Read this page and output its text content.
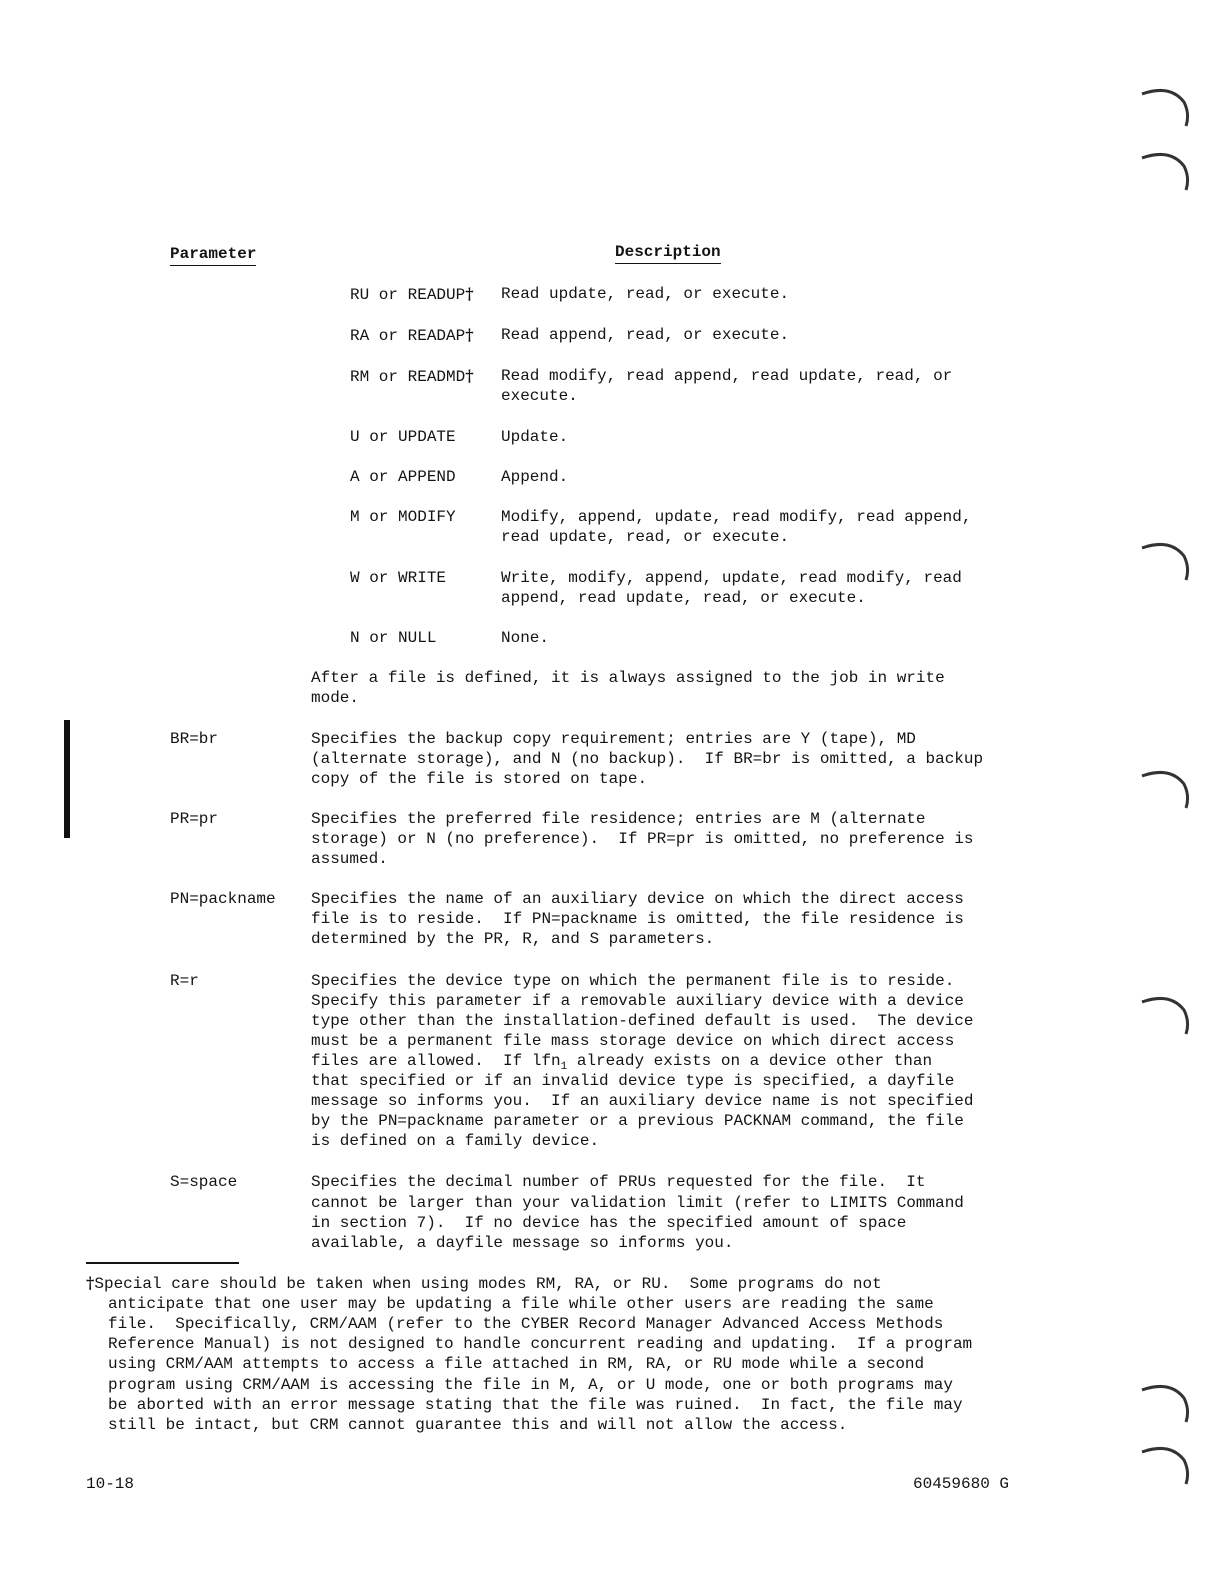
Parameter	Description
RU or READUP† Read update, read, or execute.
RA or READAP† Read append, read, or execute.
RM or READMD† Read modify, read append, read update, read, or
execute.
U or UPDATE	Update.
A or APPEND	Append.
M or MODIFY	Modify, append, update, read modify, read append,
read update, read, or execute.
W or WRITE	Write, modify, append, update, read modify, read
append, read update, read, or execute.
N or NULL	None.
After a file is defined, it is always assigned to the job in write
mode.
BR=br	Specifies the backup copy requirement; entries are Y (tape), MD
(alternate storage), and N (no backup).  If BR=br is omitted, a backup
copy of the file is stored on tape.
PR=pr	Specifies the preferred file residence; entries are M (alternate
storage) or N (no preference).  If PR=pr is omitted, no preference is
assumed.
PN=packname Specifies the name of an auxiliary device on which the direct access
file is to reside.  If PN=packname is omitted, the file residence is
determined by the PR, R, and S parameters.
R=r	Specifies the device type on which the permanent file is to reside.
Specify this parameter if a removable auxiliary device with a device
type other than the installation-defined default is used.  The device
must be a permanent file mass storage device on which direct access
files are allowed.  If lfn$_1$ already exists on a device other than
that specified or if an invalid device type is specified, a dayfile
message so informs you.  If an auxiliary device name is not specified
by the PN=packname parameter or a previous PACKNAM command, the file
is defined on a family device.
S=space	Specifies the decimal number of PRUs requested for the file.  It
cannot be larger than your validation limit (refer to LIMITS Command
in section 7).  If no device has the specified amount of space
available, a dayfile message so informs you.
†Special care should be taken when using modes RM, RA, or RU.  Some programs do not
anticipate that one user may be updating a file while other users are reading the same
file.  Specifically, CRM/AAM (refer to the CYBER Record Manager Advanced Access Methods
Reference Manual) is not designed to handle concurrent reading and updating.  If a program
using CRM/AAM attempts to access a file attached in RM, RA, or RU mode while a second
program using CRM/AAM is accessing the file in M, A, or U mode, one or both programs may
be aborted with an error message stating that the file was ruined.  In fact, the file may
still be intact, but CRM cannot guarantee this and will not allow the access.
10-18	60459680 G
